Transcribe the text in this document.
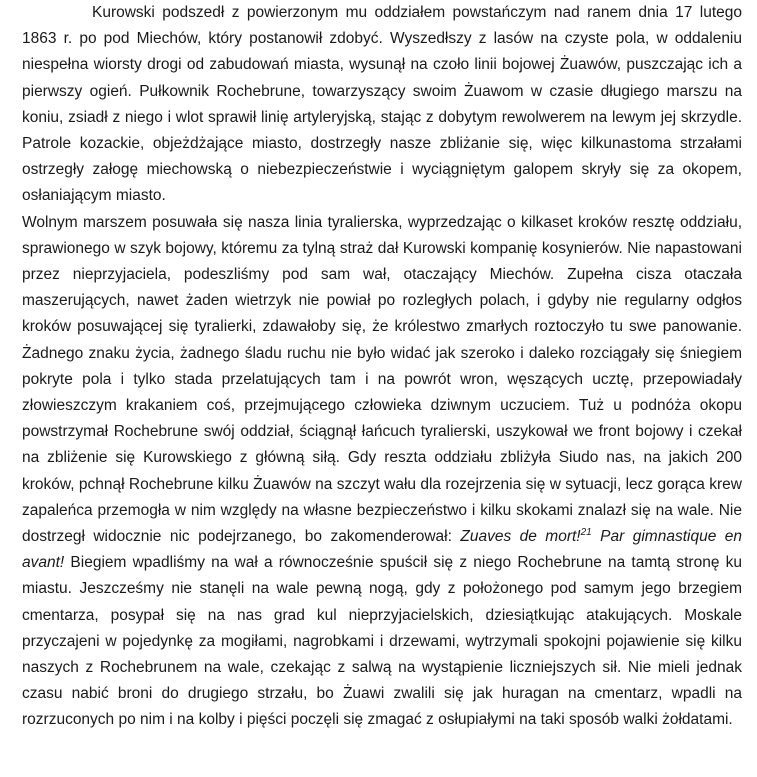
Kurowski podszedł z powierzonym mu oddziałem powstańczym nad ranem dnia 17 lutego 1863 r. po pod Miechów, który postanowił zdobyć. Wyszedłszy z lasów na czyste pola, w oddaleniu niespełna wiorsty drogi od zabudowań miasta, wysunął na czoło linii bojowej Żuawów, puszczając ich a pierwszy ogień. Pułkownik Rochebrune, towarzyszący swoim Żuawom w czasie długiego marszu na koniu, zsiadł z niego i wlot sprawił linię artyleryjską, stając z dobytym rewolwerem na lewym jej skrzydle. Patrole kozackie, objeżdżające miasto, dostrzegły nasze zbliżanie się, więc kilkunastoma strzałami ostrzegły załogę miechowską o niebezpieczeństwie i wyciągniętym galopem skryły się za okopem, osłaniającym miasto.

Wolnym marszem posuwała się nasza linia tyralierska, wyprzedzając o kilkaset kroków resztę oddziału, sprawionego w szyk bojowy, któremu za tylną straż dał Kurowski kompanię kosynierów. Nie napastowani przez nieprzyjaciela, podeszliśmy pod sam wał, otaczający Miechów. Zupełna cisza otaczała maszerujących, nawet żaden wietrzyk nie powiał po rozległych polach, i gdyby nie regularny odgłos kroków posuwającej się tyralierki, zdawałoby się, że królestwo zmarłych roztoczyło tu swe panowanie. Żadnego znaku życia, żadnego śladu ruchu nie było widać jak szeroko i daleko rozciągały się śniegiem pokryte pola i tylko stada przelatujących tam i na powrót wron, węszących ucztę, przepowiadały złowieszczym krakaniem coś, przejmującego człowieka dziwnym uczuciem. Tuż u podnóża okopu powstrzymał Rochebrune swój oddział, ściągnął łańcuch tyralierski, uszykował we front bojowy i czekał na zbliżenie się Kurowskiego z główną siłą. Gdy reszta oddziału zbliżyła Siudo nas, na jakich 200 kroków, pchnął Rochebrune kilku Żuawów na szczyt wału dla rozejrzenia się w sytuacji, lecz gorąca krew zapaleńca przemogła w nim względy na własne bezpieczeństwo i kilku skokami znalazł się na wale. Nie dostrzegł widocznie nic podejrzanego, bo zakomenderował: Zuaves de mort!$^{21}$ Par gimnastique en avant! Biegiem wpadliśmy na wał a równocześnie spuścił się z niego Rochebrune na tamtą stronę ku miastu. Jeszcześmy nie stanęli na wale pewną nogą, gdy z położonego pod samym jego brzegiem cmentarza, posypał się na nas grad kul nieprzyjacielskich, dziesiątkując atakujących. Moskale przyczajeni w pojedynkę za mogiłami, nagrobkami i drzewami, wytrzymali spokojni pojawienie się kilku naszych z Rochebrunem na wale, czekając z salwą na wystąpienie liczniejszych sił. Nie mieli jednak czasu nabić broni do drugiego strzału, bo Żuawi zwalili się jak huragan na cmentarz, wpadli na rozrzuconych po nim i na kolby i pięści poczęli się zmagać z osłupiałymi na taki sposób walki żołdatami.
